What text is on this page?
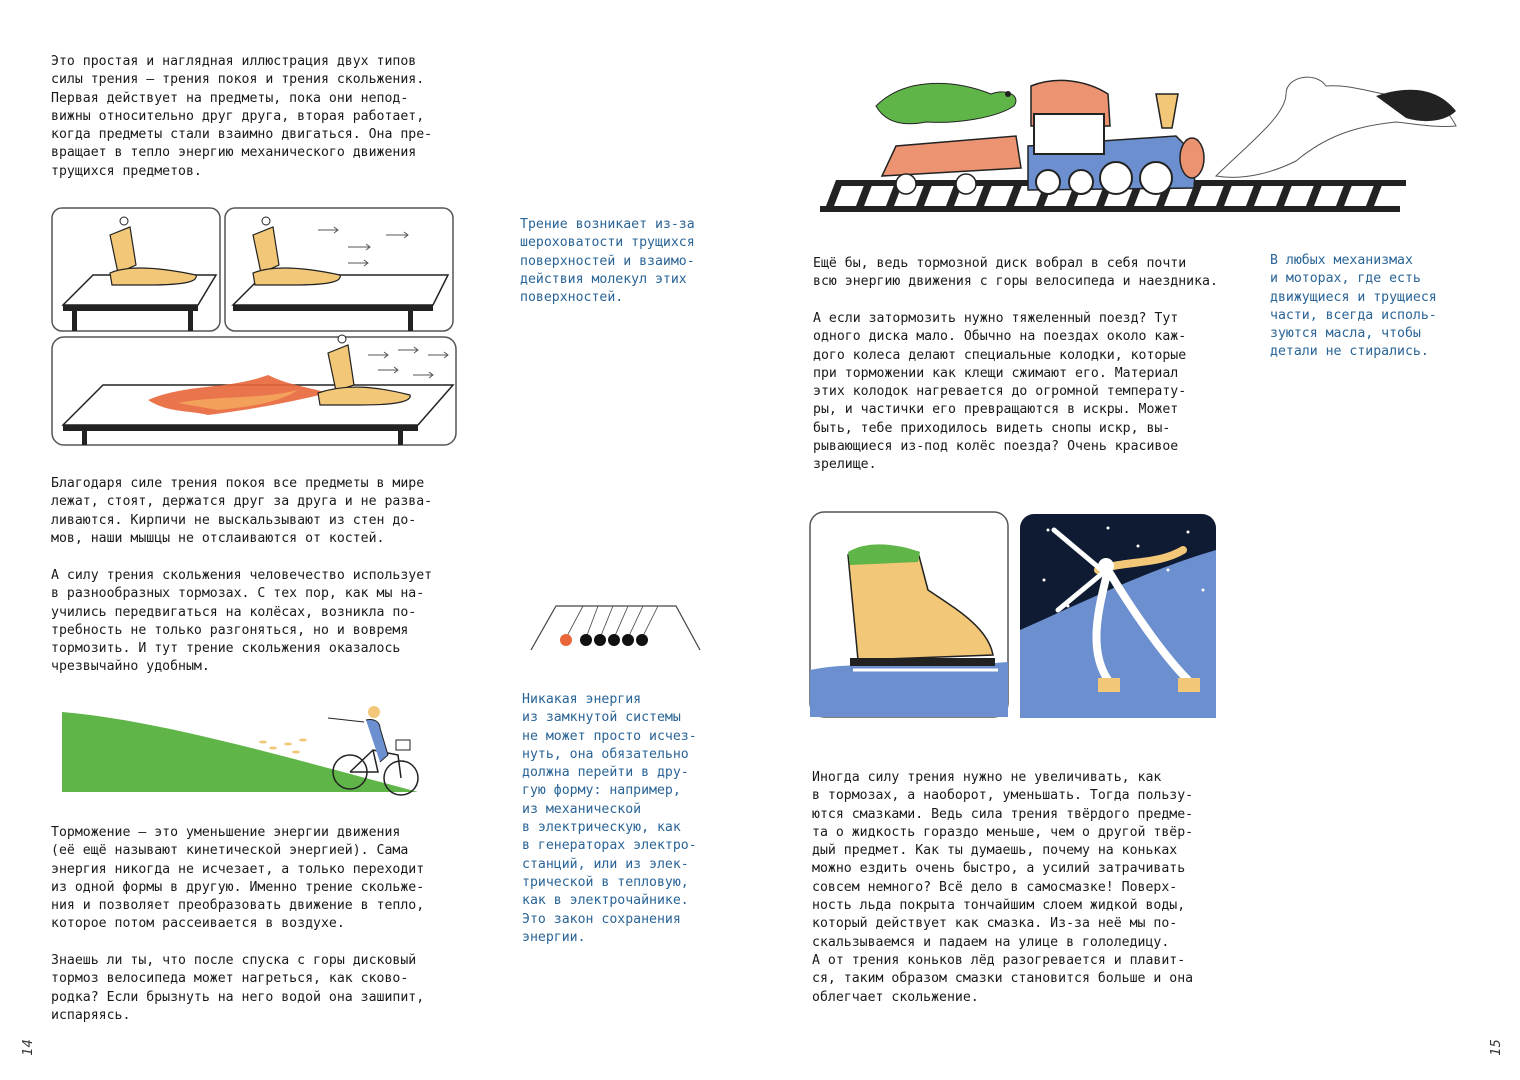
Это простая и наглядная иллюстрация двух типов
силы трения — трения покоя и трения скольжения.
Первая действует на предметы, пока они непод-
вижны относительно друг друга, вторая работает,
когда предметы стали взаимно двигаться. Она пре-
вращает в тепло энергию механического движения
трущихся предметов.

Трение возникает из-за
шероховатости трущихся
поверхностей и взаимо-
действия молекул этих
поверхностей.

Благодаря силе трения покоя все предметы в мире
лежат, стоят, держатся друг за друга и не разва-
ливаются. Кирпичи не выскальзывают из стен до-
мов, наши мышцы не отслаиваются от костей.

А силу трения скольжения человечество использует
в разнообразных тормозах. С тех пор, как мы на-
учились передвигаться на колёсах, возникла по-
требность не только разгоняться, но и вовремя
тормозить. И тут трение скольжения оказалось
чрезвычайно удобным.

Никакая энергия
из замкнутой системы
не может просто исчез-
нуть, она обязательно
должна перейти в дру-
гую форму: например,
из механической
в электрическую, как
в генераторах электро-
станций, или из элек-
трической в тепловую,
как в электрочайнике.
Это закон сохранения
энергии.

Торможение — это уменьшение энергии движения
(её ещё называют кинетической энергией). Сама
энергия никогда не исчезает, а только переходит
из одной формы в другую. Именно трение скольже-
ния и позволяет преобразовать движение в тепло,
которое потом рассеивается в воздухе.

Знаешь ли ты, что после спуска с горы дисковый
тормоз велосипеда может нагреться, как сково-
родка? Если брызнуть на него водой она зашипит,
испаряясь.

14

Ещё бы, ведь тормозной диск вобрал в себя почти
всю энергию движения с горы велосипеда и наездника.

В любых механизмах
и моторах, где есть
движущиеся и трущиеся
части, всегда исполь-
зуются масла, чтобы
детали не стирались.

А если затормозить нужно тяжеленный поезд? Тут
одного диска мало. Обычно на поездах около каж-
дого колеса делают специальные колодки, которые
при торможении как клещи сжимают его. Материал
этих колодок нагревается до огромной температу-
ры, и частички его превращаются в искры. Может
быть, тебе приходилось видеть снопы искр, вы-
рывающиеся из-под колёс поезда? Очень красивое
зрелище.

Иногда силу трения нужно не увеличивать, как
в тормозах, а наоборот, уменьшать. Тогда пользу-
ются смазками. Ведь сила трения твёрдого предме-
та о жидкость гораздо меньше, чем о другой твёр-
дый предмет. Как ты думаешь, почему на коньках
можно ездить очень быстро, а усилий затрачивать
совсем немного? Всё дело в самосмазке! Поверх-
ность льда покрыта тончайшим слоем жидкой воды,
который действует как смазка. Из-за неё мы по-
скальзываемся и падаем на улице в гололедицу.
А от трения коньков лёд разогревается и плавит-
ся, таким образом смазки становится больше и она
облегчает скольжение.

15
